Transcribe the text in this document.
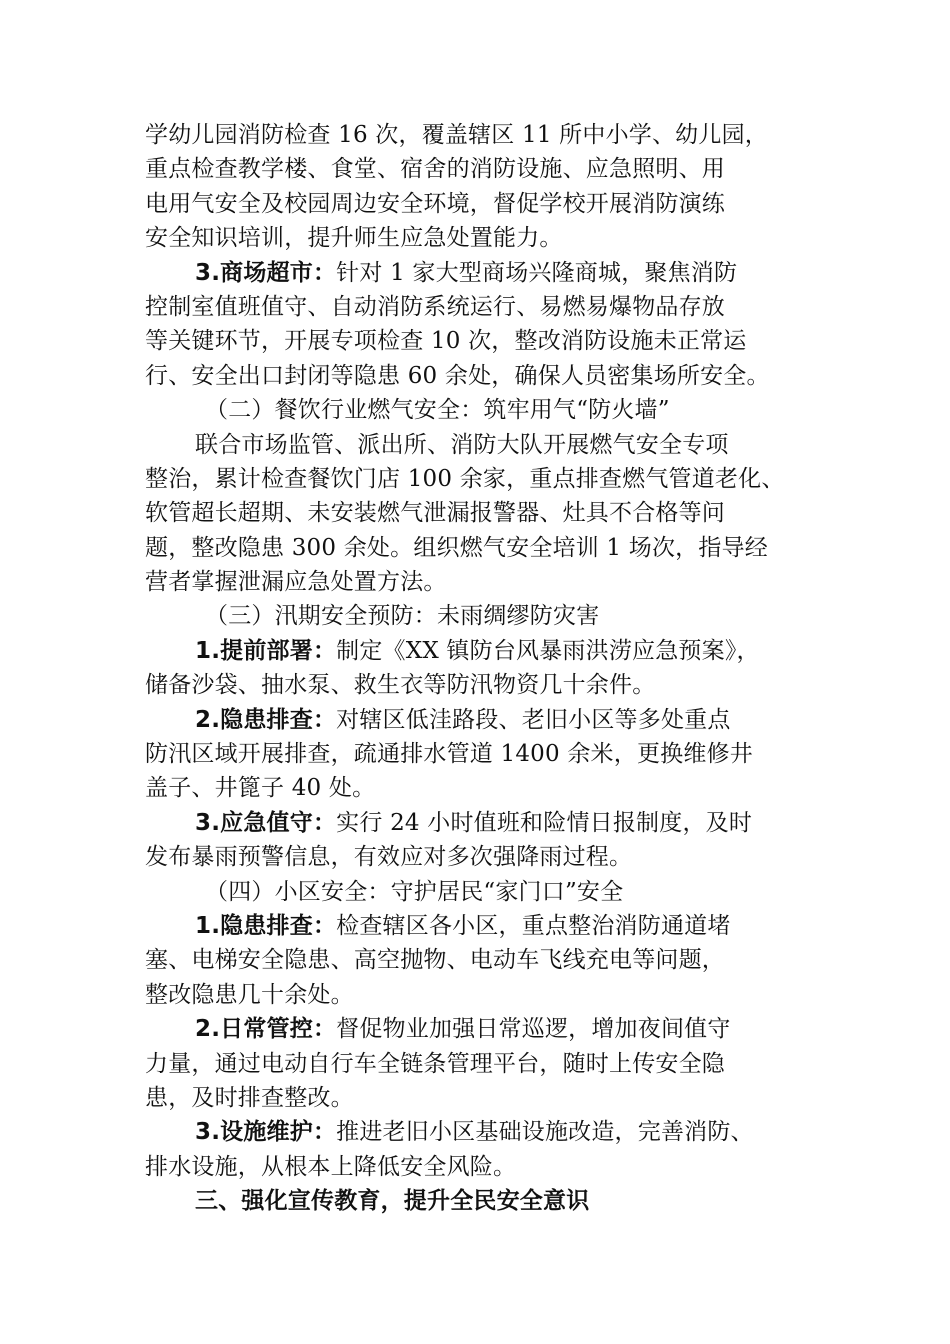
学幼儿园消防检查 16 次，覆盖辖区 11 所中小学、幼儿园，
重点检查教学楼、食堂、宿舍的消防设施、应急照明、用
电用气安全及校园周边安全环境，督促学校开展消防演练
安全知识培训，提升师生应急处置能力。
3.商场超市：针对 1 家大型商场兴隆商城，聚焦消防
控制室值班值守、自动消防系统运行、易燃易爆物品存放
等关键环节，开展专项检查 10 次，整改消防设施未正常运
行、安全出口封闭等隐患 60 余处，确保人员密集场所安全。
（二）餐饮行业燃气安全：筑牢用气“防火墙”
联合市场监管、派出所、消防大队开展燃气安全专项
整治，累计检查餐饮门店 100 余家，重点排查燃气管道老化、
软管超长超期、未安装燃气泄漏报警器、灶具不合格等问
题，整改隐患 300 余处。组织燃气安全培训 1 场次，指导经
营者掌握泄漏应急处置方法。
（三）汛期安全预防：未雨绸缪防灾害
1.提前部署：制定《XX 镇防台风暴雨洪涝应急预案》，
储备沙袋、抽水泵、救生衣等防汛物资几十余件。
2.隐患排查：对辖区低洼路段、老旧小区等多处重点
防汛区域开展排查，疏通排水管道 1400 余米，更换维修井
盖子、井篦子 40 处。
3.应急值守：实行 24 小时值班和险情日报制度，及时
发布暴雨预警信息，有效应对多次强降雨过程。
（四）小区安全：守护居民“家门口”安全
1.隐患排查：检查辖区各小区，重点整治消防通道堵
塞、电梯安全隐患、高空抛物、电动车飞线充电等问题，
整改隐患几十余处。
2.日常管控：督促物业加强日常巡逻，增加夜间值守
力量，通过电动自行车全链条管理平台，随时上传安全隐
患，及时排查整改。
3.设施维护：推进老旧小区基础设施改造，完善消防、
排水设施，从根本上降低安全风险。
三、强化宣传教育，提升全民安全意识
